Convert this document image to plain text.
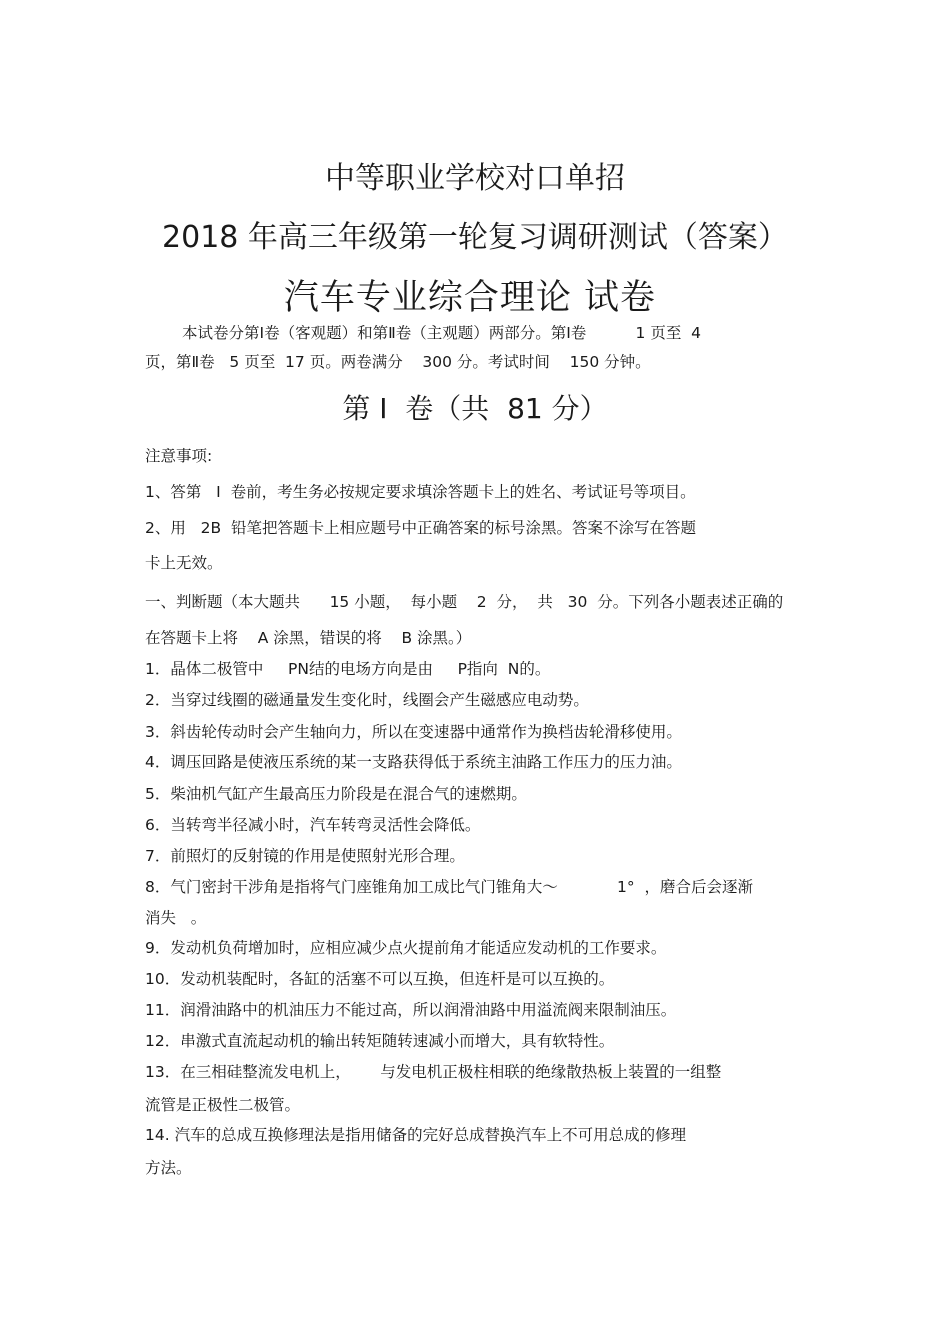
中等职业学校对口单招
2018 年高三年级第一轮复习调研测试（答案）
汽车专业综合理论 试卷
本试卷分第Ⅰ卷（客观题）和第Ⅱ卷（主观题）两部分。第Ⅰ卷          1 页至  4
页，第Ⅱ卷   5 页至  17 页。两卷满分    300 分。考试时间    150 分钟。
第 I  卷（共  81 分）
注意事项:
1、答第   I  卷前，考生务必按规定要求填涂答题卡上的姓名、考试证号等项目。
2、用   2B  铅笔把答题卡上相应题号中正确答案的标号涂黑。答案不涂写在答题
卡上无效。
一、判断题（本大题共      15 小题，  每小题    2  分，  共   30  分。下列各小题表述正确的
在答题卡上将    A 涂黑，错误的将    B 涂黑。）
1．晶体二极管中     PN结的电场方向是由     P指向  N的。
2．当穿过线圈的磁通量发生变化时，线圈会产生磁感应电动势。
3．斜齿轮传动时会产生轴向力，所以在变速器中通常作为换档齿轮滑移使用。
4．调压回路是使液压系统的某一支路获得低于系统主油路工作压力的压力油。
5．柴油机气缸产生最高压力阶段是在混合气的速燃期。
6．当转弯半径减小时，汽车转弯灵活性会降低。
7．前照灯的反射镜的作用是使照射光形合理。
8．气门密封干涉角是指将气门座锥角加工成比气门锥角大～            1°  ，磨合后会逐渐
消失   。
9．发动机负荷增加时，应相应减少点火提前角才能适应发动机的工作要求。
10．发动机装配时，各缸的活塞不可以互换，但连杆是可以互换的。
11．润滑油路中的机油压力不能过高，所以润滑油路中用溢流阀来限制油压。
12．串激式直流起动机的输出转矩随转速减小而增大，具有软特性。
13．在三相硅整流发电机上，      与发电机正极柱相联的绝缘散热板上装置的一组整
流管是正极性二极管。
14. 汽车的总成互换修理法是指用储备的完好总成替换汽车上不可用总成的修理
方法。
